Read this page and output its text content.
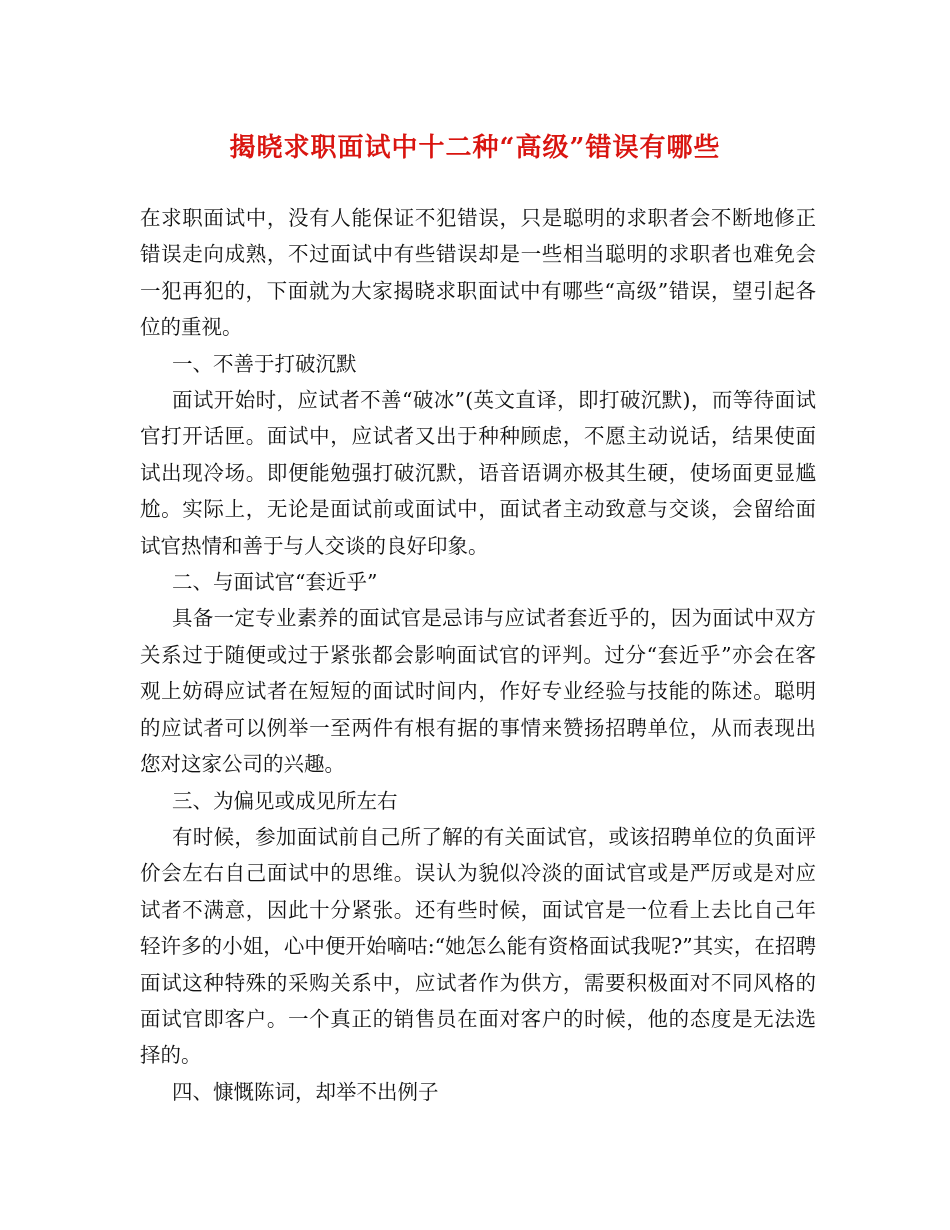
揭晓求职面试中十二种“高级”错误有哪些

在求职面试中，没有人能保证不犯错误，只是聪明的求职者会不断地修正错误走向成熟，不过面试中有些错误却是一些相当聪明的求职者也难免会一犯再犯的，下面就为大家揭晓求职面试中有哪些“高级”错误，望引起各位的重视。

一、不善于打破沉默

面试开始时，应试者不善“破冰”(英文直译，即打破沉默)，而等待面试官打开话匣。面试中，应试者又出于种种顾虑，不愿主动说话，结果使面试出现冷场。即便能勉强打破沉默，语音语调亦极其生硬，使场面更显尴尬。实际上，无论是面试前或面试中，面试者主动致意与交谈，会留给面试官热情和善于与人交谈的良好印象。

二、与面试官“套近乎”

具备一定专业素养的面试官是忌讳与应试者套近乎的，因为面试中双方关系过于随便或过于紧张都会影响面试官的评判。过分“套近乎”亦会在客观上妨碍应试者在短短的面试时间内，作好专业经验与技能的陈述。聪明的应试者可以例举一至两件有根有据的事情来赞扬招聘单位，从而表现出您对这家公司的兴趣。

三、为偏见或成见所左右

有时候，参加面试前自己所了解的有关面试官，或该招聘单位的负面评价会左右自己面试中的思维。误认为貌似冷淡的面试官或是严厉或是对应试者不满意，因此十分紧张。还有些时候，面试官是一位看上去比自己年轻许多的小姐，心中便开始嘀咕:“她怎么能有资格面试我呢?”其实，在招聘面试这种特殊的采购关系中，应试者作为供方，需要积极面对不同风格的面试官即客户。一个真正的销售员在面对客户的时候，他的态度是无法选择的。

四、慷慨陈词，却举不出例子
